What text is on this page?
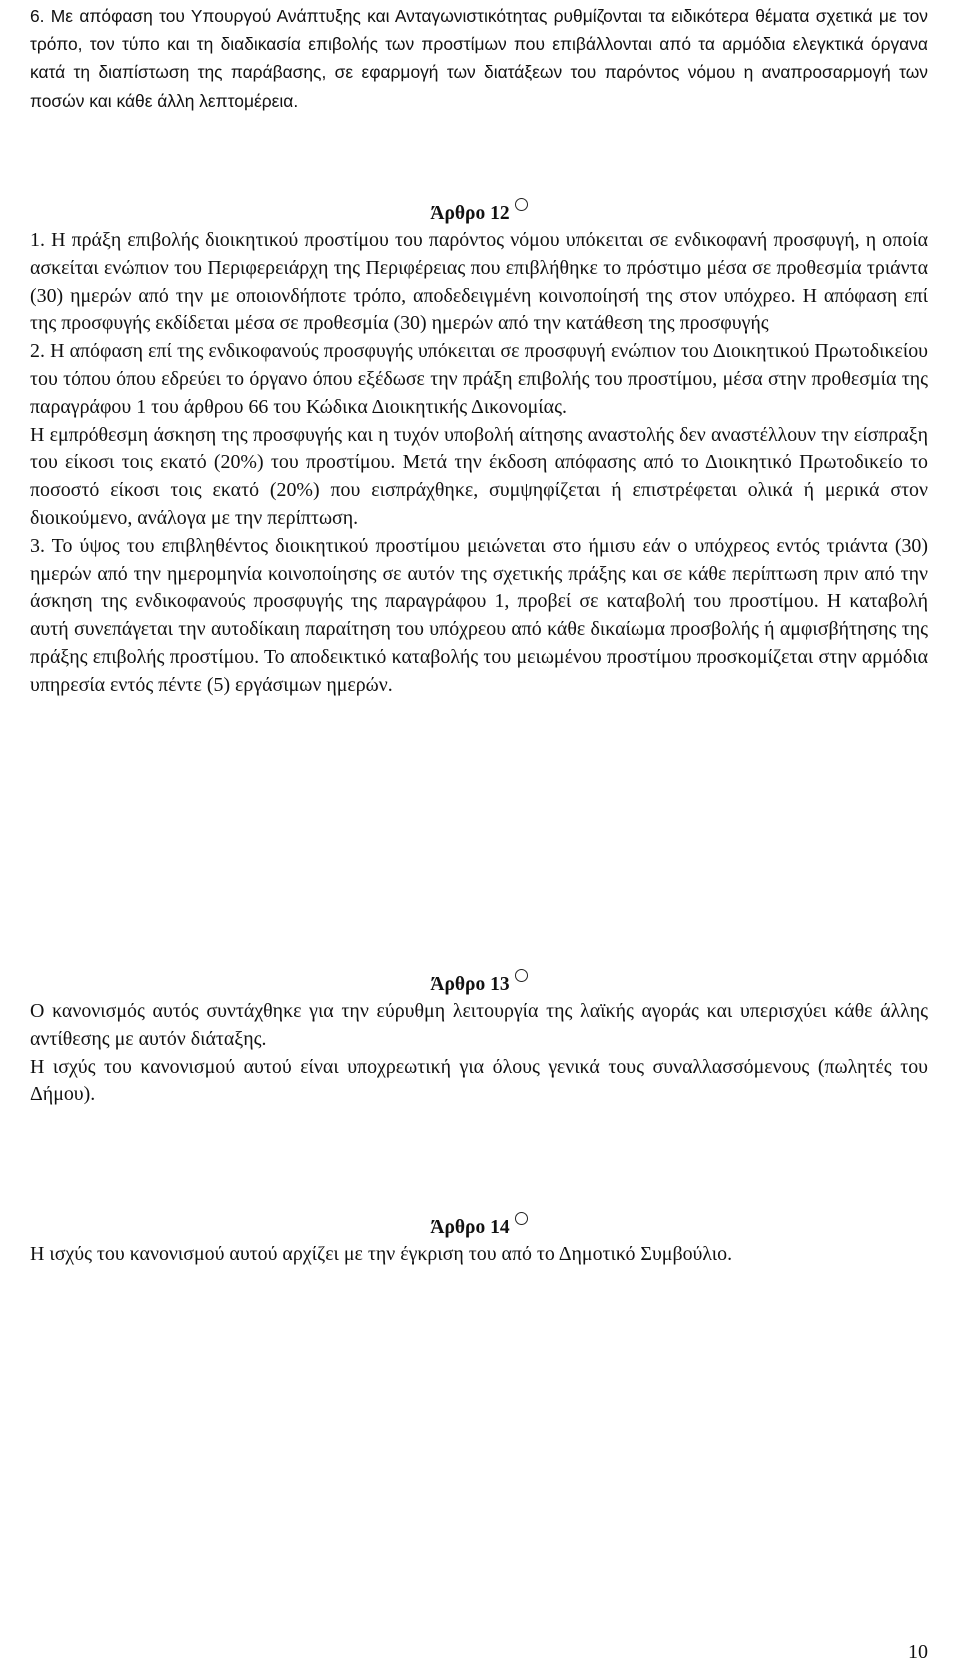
6. Με απόφαση του Υπουργού Ανάπτυξης και Ανταγωνιστικότητας ρυθμίζονται τα ειδικότερα θέματα σχετικά με τον τρόπο, τον τύπο και τη διαδικασία επιβολής των προστίμων που επιβάλλονται από τα αρμόδια ελεγκτικά όργανα κατά τη διαπίστωση της παράβασης, σε εφαρμογή των διατάξεων του παρόντος νόμου η αναπροσαρμογή των ποσών και κάθε άλλη λεπτομέρεια.

Άρθρο 12

1. Η πράξη επιβολής διοικητικού προστίμου του παρόντος νόμου υπόκειται σε ενδικοφανή προσφυγή, η οποία ασκείται ενώπιον του Περιφερειάρχη της Περιφέρειας που επιβλήθηκε το πρόστιμο μέσα σε προθεσμία τριάντα (30) ημερών από την με οποιονδήποτε τρόπο, αποδεδειγμένη κοινοποίησή της στον υπόχρεο. Η απόφαση επί της προσφυγής εκδίδεται μέσα σε προθεσμία (30) ημερών από την κατάθεση της προσφυγής

2. Η απόφαση επί της ενδικοφανούς προσφυγής υπόκειται σε προσφυγή ενώπιον του Διοικητικού Πρωτοδικείου του τόπου όπου εδρεύει το όργανο όπου εξέδωσε την πράξη επιβολής του προστίμου, μέσα στην προθεσμία της παραγράφου 1 του άρθρου 66 του Κώδικα Διοικητικής Δικονομίας.

Η εμπρόθεσμη άσκηση της προσφυγής και η τυχόν υποβολή αίτησης αναστολής δεν αναστέλλουν την είσπραξη του είκοσι τοις εκατό (20%) του προστίμου. Μετά την έκδοση απόφασης από το Διοικητικό Πρωτοδικείο το ποσοστό είκοσι τοις εκατό (20%) που εισπράχθηκε, συμψηφίζεται ή επιστρέφεται ολικά ή μερικά στον διοικούμενο, ανάλογα με την περίπτωση.

3. Το ύψος του επιβληθέντος διοικητικού προστίμου μειώνεται στο ήμισυ εάν ο υπόχρεος εντός τριάντα (30) ημερών από την ημερομηνία κοινοποίησης σε αυτόν της σχετικής πράξης και σε κάθε περίπτωση πριν από την άσκηση της ενδικοφανούς προσφυγής της παραγράφου 1, προβεί σε καταβολή του προστίμου. Η καταβολή αυτή συνεπάγεται την αυτοδίκαιη παραίτηση του υπόχρεου από κάθε δικαίωμα προσβολής ή αμφισβήτησης της πράξης επιβολής προστίμου. Το αποδεικτικό καταβολής του μειωμένου προστίμου προσκομίζεται στην αρμόδια υπηρεσία εντός πέντε (5) εργάσιμων ημερών.

Άρθρο 13

Ο κανονισμός αυτός συντάχθηκε για την εύρυθμη λειτουργία της λαϊκής αγοράς και υπερισχύει κάθε άλλης αντίθεσης με αυτόν διάταξης.

Η ισχύς του κανονισμού αυτού είναι υποχρεωτική για όλους γενικά τους συναλλασσόμενους (πωλητές του Δήμου).

Άρθρο 14

Η ισχύς του κανονισμού αυτού αρχίζει με την έγκριση του από το Δημοτικό Συμβούλιο.

10
